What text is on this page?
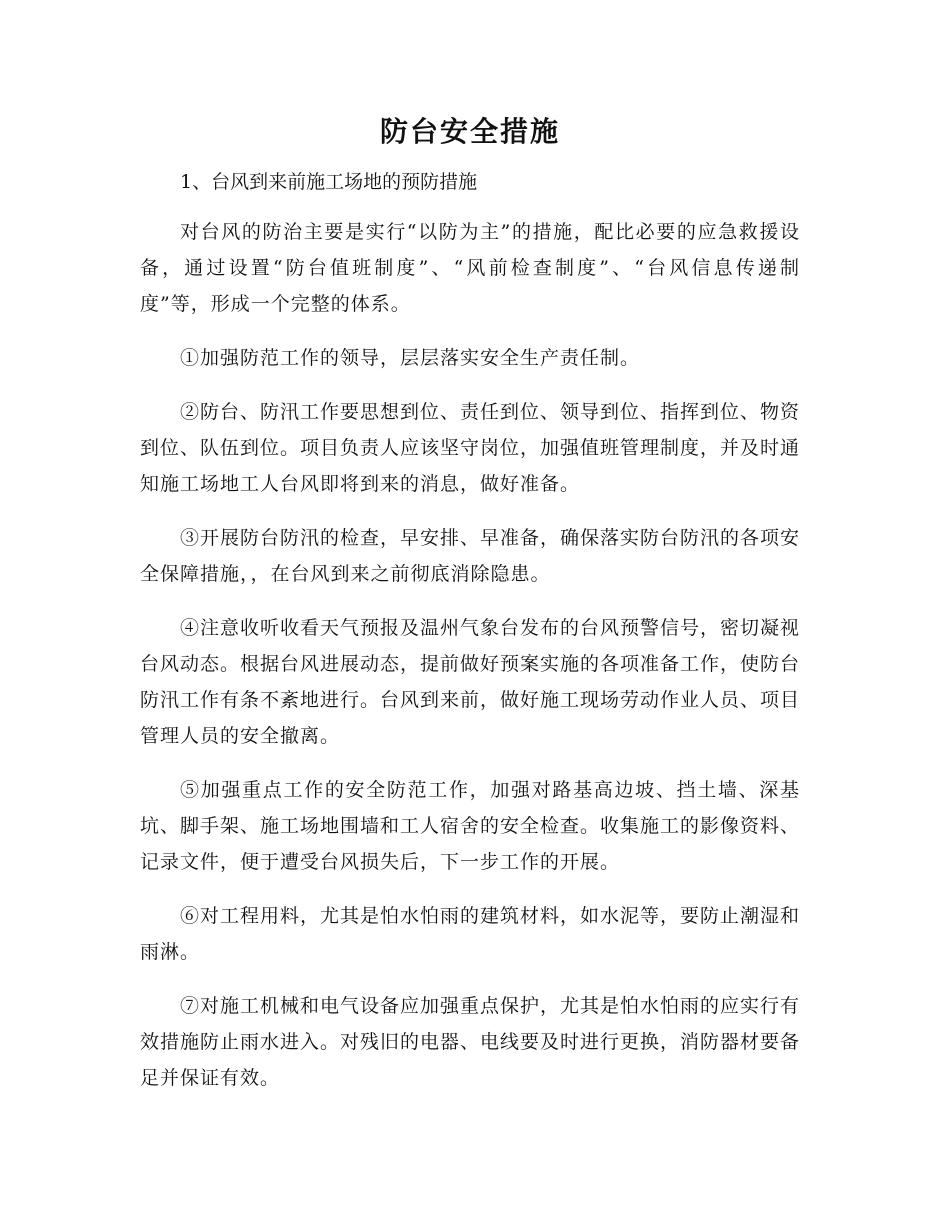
防台安全措施

1、台风到来前施工场地的预防措施

对台风的防治主要是实行“以防为主”的措施，配比必要的应急救援设备，通过设置“防台值班制度”、“风前检查制度”、“台风信息传递制度”等，形成一个完整的体系。

①加强防范工作的领导，层层落实安全生产责任制。

②防台、防汛工作要思想到位、责任到位、领导到位、指挥到位、物资到位、队伍到位。项目负责人应该坚守岗位，加强值班管理制度，并及时通知施工场地工人台风即将到来的消息，做好准备。

③开展防台防汛的检查，早安排、早准备，确保落实防台防汛的各项安全保障措施，，在台风到来之前彻底消除隐患。

④注意收听收看天气预报及温州气象台发布的台风预警信号，密切凝视台风动态。根据台风进展动态，提前做好预案实施的各项准备工作，使防台防汛工作有条不紊地进行。台风到来前，做好施工现场劳动作业人员、项目管理人员的安全撤离。

⑤加强重点工作的安全防范工作，加强对路基高边坡、挡土墙、深基坑、脚手架、施工场地围墙和工人宿舍的安全检查。收集施工的影像资料、记录文件，便于遭受台风损失后，下一步工作的开展。

⑥对工程用料，尤其是怕水怕雨的建筑材料，如水泥等，要防止潮湿和雨淋。

⑦对施工机械和电气设备应加强重点保护，尤其是怕水怕雨的应实行有效措施防止雨水进入。对残旧的电器、电线要及时进行更换，消防器材要备足并保证有效。
